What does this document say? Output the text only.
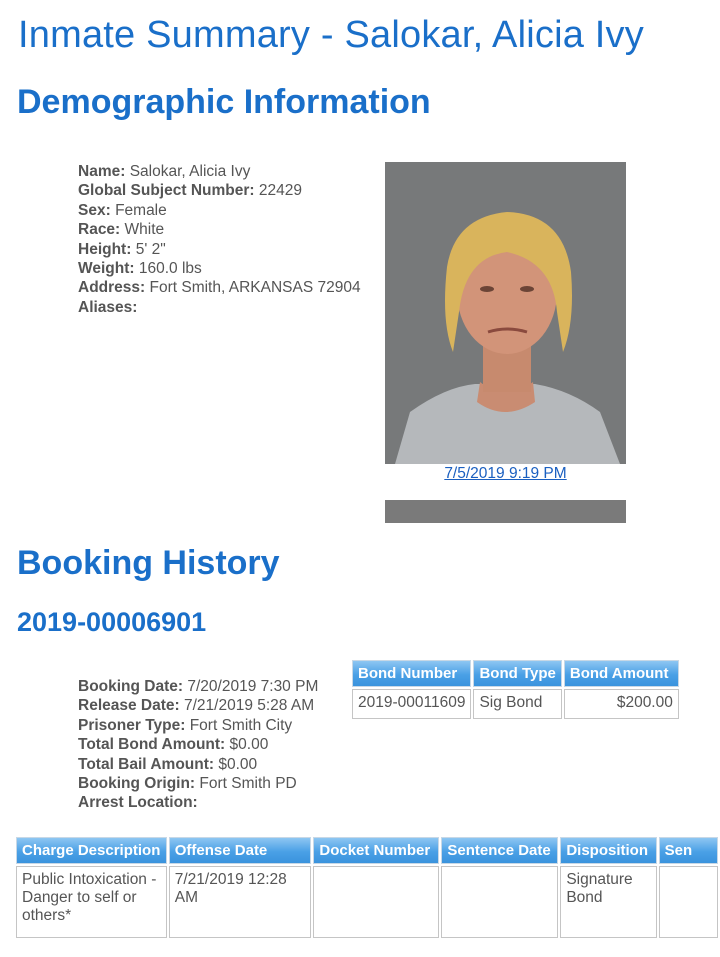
Inmate Summary - Salokar, Alicia Ivy
Demographic Information
Name: Salokar, Alicia Ivy
Global Subject Number: 22429
Sex: Female
Race: White
Height: 5' 2"
Weight: 160.0 lbs
Address: Fort Smith, ARKANSAS 72904
Aliases:
7/5/2019 9:19 PM
Booking History
2019-00006901
Booking Date: 7/20/2019 7:30 PM
Release Date: 7/21/2019 5:28 AM
Prisoner Type: Fort Smith City
Total Bond Amount: $0.00
Total Bail Amount: $0.00
Booking Origin: Fort Smith PD
Arrest Location:
Bond Number	Bond Type	Bond Amount
2019-00011609	Sig Bond	$200.00
Charge Description	Offense Date	Docket Number	Sentence Date	Disposition	Sen
Public Intoxication - Danger to self or others*	7/21/2019 12:28 AM			Signature Bond	
